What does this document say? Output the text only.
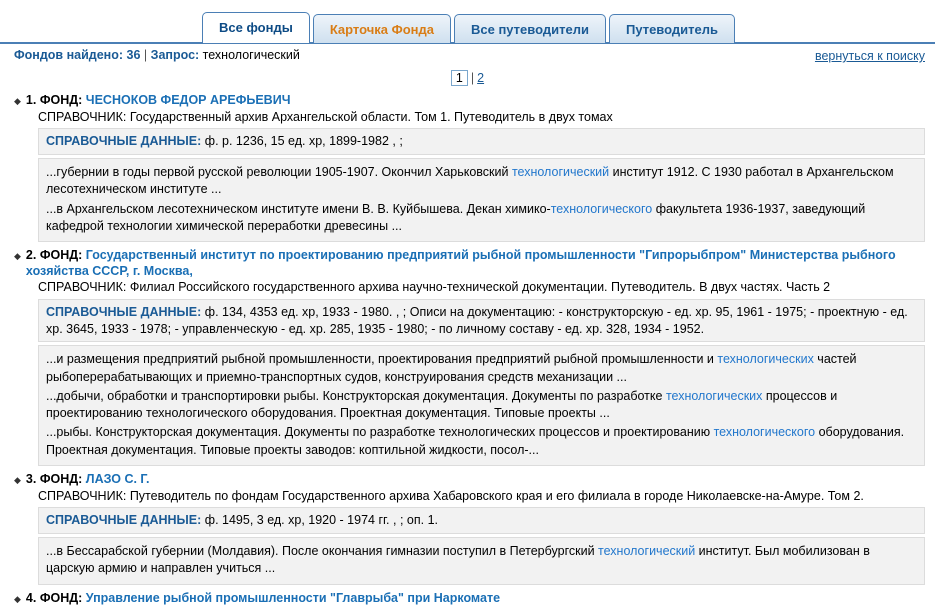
Все фонды	Карточка Фонда	Все путеводители	Путеводитель
Фондов найдено: 36 | Запрос: технологический	вернуться к поиску
1 | 2
◆ 1. ФОНД: ЧЕСНОКОВ ФЕДОР АРЕФЬЕВИЧ
СПРАВОЧНИК: Государственный архив Архангельской области. Том 1. Путеводитель в двух томах
СПРАВОЧНЫЕ ДАННЫЕ: ф. р. 1236, 15 ед. хр, 1899-1982 , ;

...губернии в годы первой русской революции 1905-1907. Окончил Харьковский технологический институт 1912. С 1930 работал в Архангельском лесотехническом институте ...

...в Архангельском лесотехническом институте имени В. В. Куйбышева. Декан химико-технологического факультета 1936-1937, заведующий кафедрой технологии химической переработки древесины ...

◆ 2. ФОНД: Государственный институт по проектированию предприятий рыбной промышленности "Гипрорыбпром" Министерства рыбного хозяйства СССР, г. Москва,
СПРАВОЧНИК: Филиал Российского государственного архива научно-технической документации. Путеводитель. В двух частях. Часть 2
СПРАВОЧНЫЕ ДАННЫЕ: ф. 134, 4353 ед. хр, 1933 - 1980. , ; Описи на документацию: - конструкторскую - ед. хр. 95, 1961 - 1975; - проектную - ед. хр. 3645, 1933 - 1978; - управленческую - ед. хр. 285, 1935 - 1980; - по личному составу - ед. хр. 328, 1934 - 1952.

...и размещения предприятий рыбной промышленности, проектирования предприятий рыбной промышленности и технологических частей рыбоперерабатывающих и приемно-транспортных судов, конструирования средств механизации ...

...добычи, обработки и транспортировки рыбы. Конструкторская документация. Документы по разработке технологических процессов и проектированию технологического оборудования. Проектная документация. Типовые проекты ...

...рыбы. Конструкторская документация. Документы по разработке технологических процессов и проектированию технологического оборудования. Проектная документация. Типовые проекты заводов: коптильной жидкости, посол-...

◆ 3. ФОНД: ЛАЗО С. Г.
СПРАВОЧНИК: Путеводитель по фондам Государственного архива Хабаровского края и его филиала в городе Николаевске-на-Амуре. Том 2.
СПРАВОЧНЫЕ ДАННЫЕ: ф. 1495, 3 ед. хр, 1920 - 1974 гг. , ; оп. 1.

...в Бессарабской губернии (Молдавия). После окончания гимназии поступил в Петербургский технологический институт. Был мобилизован в царскую армию и направлен учиться ...

◆ 4. ФОНД: Управление рыбной промышленности "Главрыба" при Наркомате
